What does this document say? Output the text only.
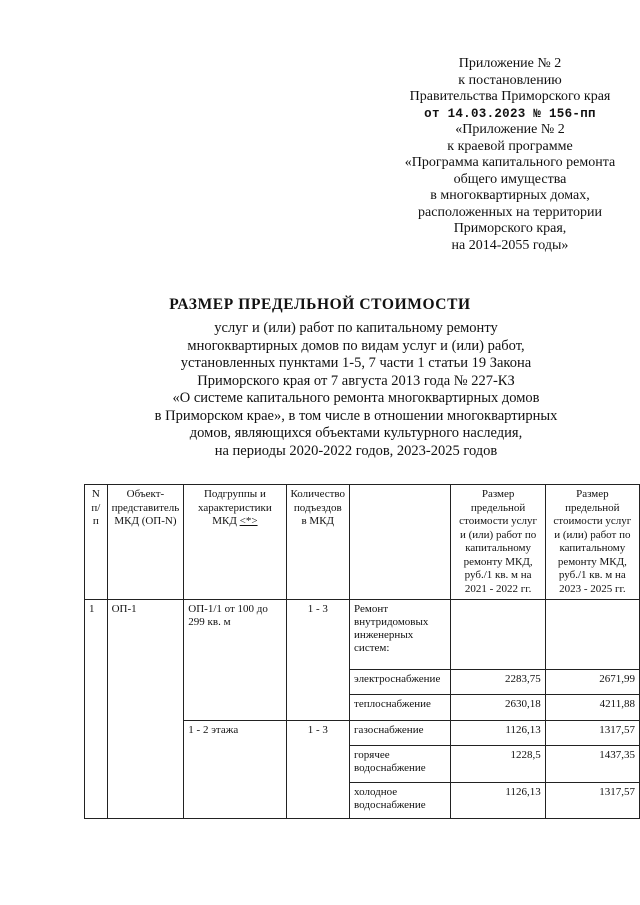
Приложение № 2
к постановлению
Правительства Приморского края
от 14.03.2023 № 156-пп
«Приложение № 2
к краевой программе
«Программа капитального ремонта
общего имущества
в многоквартирных домах,
расположенных на территории
Приморского края,
на 2014-2055 годы»
РАЗМЕР ПРЕДЕЛЬНОЙ СТОИМОСТИ
услуг и (или) работ по капитальному ремонту
многоквартирных домов по видам услуг и (или) работ,
установленных пунктами 1-5, 7 части 1 статьи 19 Закона
Приморского края от 7 августа 2013 года № 227-КЗ
«О системе капитального ремонта многоквартирных домов
в Приморском крае», в том числе в отношении многоквартирных
домов, являющихся объектами культурного наследия,
на периоды 2020-2022 годов, 2023-2025 годов
N п/п	Объект-представитель МКД (ОП-N)	Подгруппы и характеристики МКД <*>	Количество подъездов в МКД		Размер предельной стоимости услуг и (или) работ по капитальному ремонту МКД, руб./1 кв. м на 2021 - 2022 гг.	Размер предельной стоимости услуг и (или) работ по капитальному ремонту МКД, руб./1 кв. м на 2023 - 2025 гг.
1	ОП-1	ОП-1/1 от 100 до 299 кв. м	1 - 3	Ремонт внутридомовых инженерных систем:		
				электроснабжение	2283,75	2671,99
				теплоснабжение	2630,18	4211,88
		1 - 2 этажа	1 - 3	газоснабжение	1126,13	1317,57
				горячее водоснабжение	1228,5	1437,35
				холодное водоснабжение	1126,13	1317,57
